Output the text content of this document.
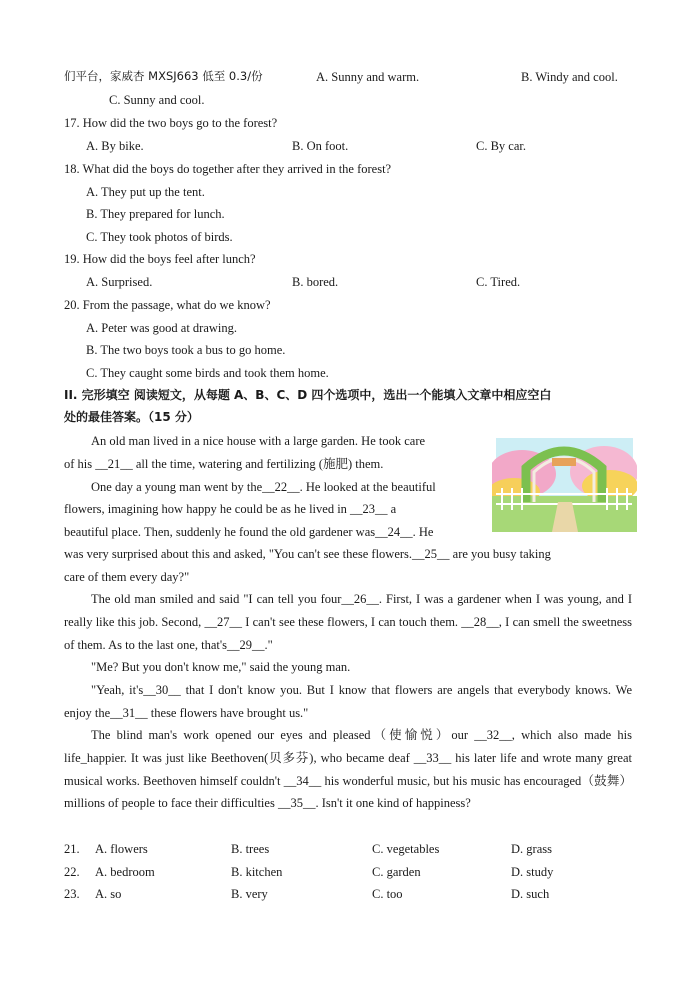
们平台，家威杏 MXSJ663 低至 0.3/份	A. Sunny and warm.	B. Windy and cool.
C. Sunny and cool.
17. How did the two boys go to the forest?
A. By bike.	B. On foot.	C. By car.
18. What did the boys do together after they arrived in the forest?
A. They put up the tent.
B. They prepared for lunch.
C. They took photos of birds.
19. How did the boys feel after lunch?
A. Surprised.	B. bored.	C. Tired.
20. From the passage, what do we know?
A. Peter was good at drawing.
B. The two boys took a bus to go home.
C. They caught some birds and took them home.
II. 完形填空 阅读短文，从每题 A、B、C、D 四个选项中，选出一个能填入文章中相应空白
处的最佳答案。（15 分）
An old man lived in a nice house with a large garden. He took care
of his __21__ all the time, watering and fertilizing (施肥) them.
One day a young man went by the__22__. He looked at the beautiful
flowers, imagining how happy he could be as he lived in __23__ a
beautiful place. Then, suddenly he found the old gardener was__24__. He
was very surprised about this and asked, "You can't see these flowers.__25__ are you busy taking
care of them every day?"
The old man smiled and said "I can tell you four__26__. First, I was a gardener when I was young, and I really like this job. Second, __27__ I can't see these flowers, I can touch them. __28__, I can smell the sweetness of them. As to the last one, that's__29__."
"Me? But you don't know me," said the young man.
"Yeah, it's__30__ that I don't know you. But I know that flowers are angels that everybody knows. We enjoy the__31__ these flowers have brought us."
The blind man's work opened our eyes and pleased（使愉悦）our __32__, which also made his life_happier. It was just like Beethoven(贝多芬), who became deaf __33__ his later life and wrote many great musical works. Beethoven himself couldn't __34__ his wonderful music, but his music has encouraged（鼓舞）millions of people to face their difficulties __35__. Isn't it one kind of happiness?
21. A. flowers	B. trees	C. vegetables	D. grass
22. A. bedroom	B. kitchen	C. garden	D. study
23. A. so	B. very	C. too	D. such
